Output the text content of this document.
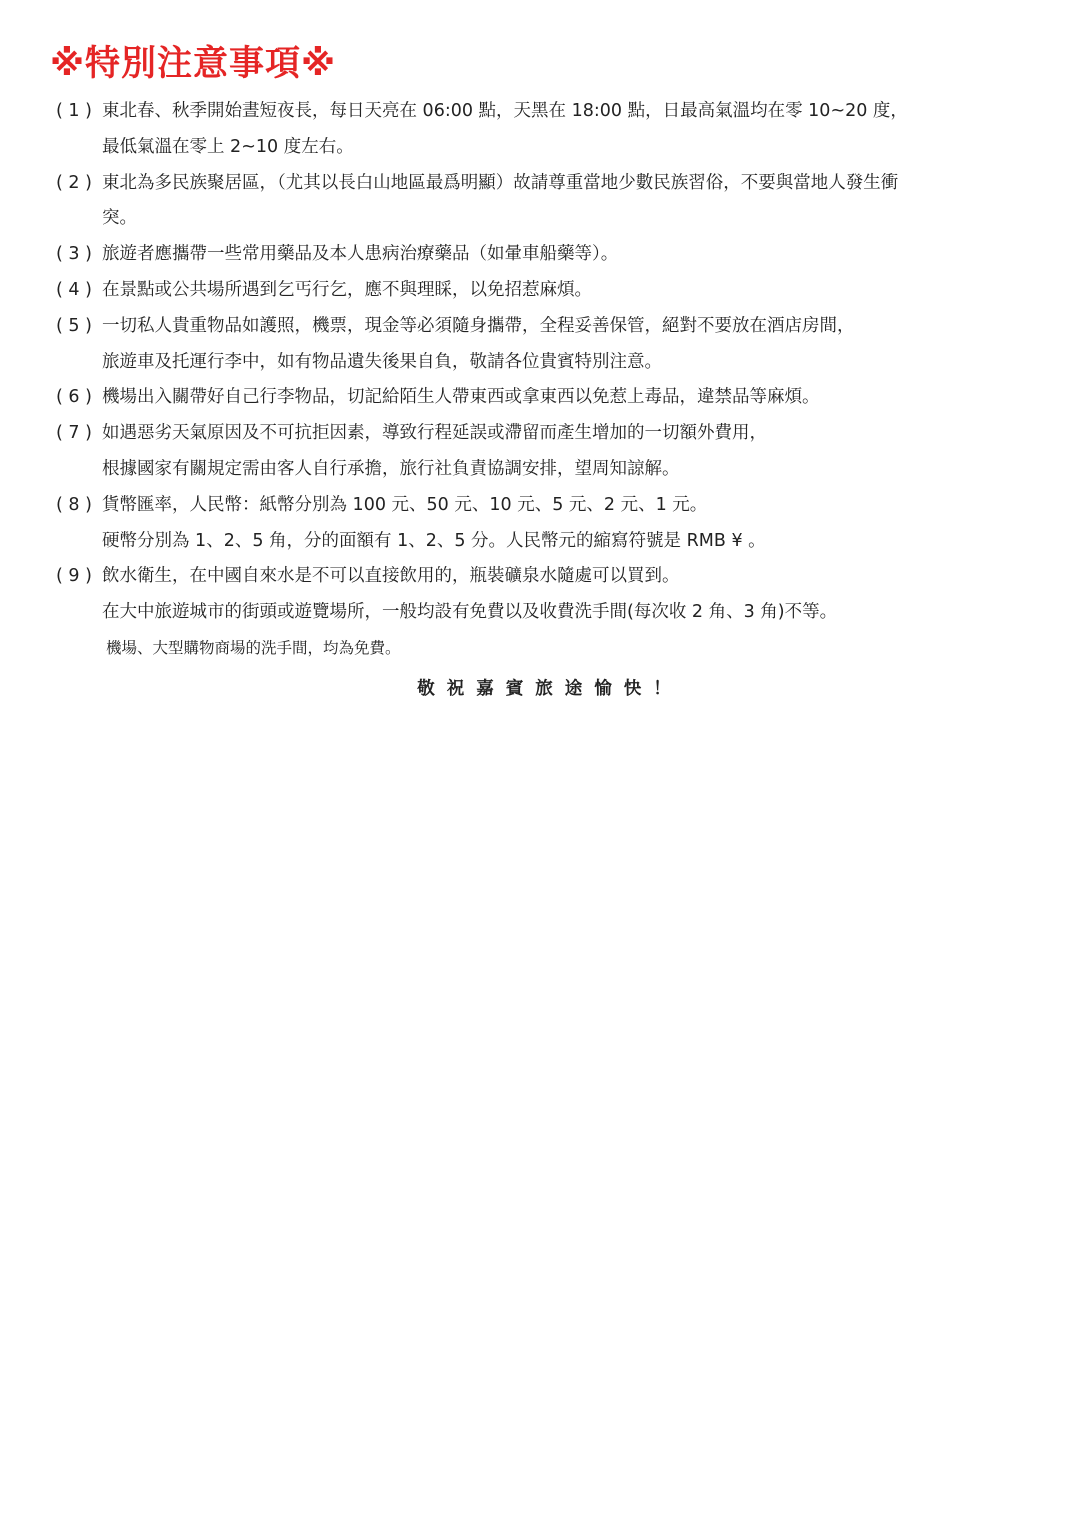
※特別注意事項※
( 1 ) 東北春、秋季開始晝短夜長，每日天亮在 06:00 點，天黑在 18:00 點，日最高氣溫均在零 10~20 度，
最低氣溫在零上 2~10 度左右。
( 2 ) 東北為多民族聚居區，（尤其以長白山地區最爲明顯）故請尊重當地少數民族習俗，不要與當地人發生衝
突。
( 3 ) 旅遊者應攜帶一些常用藥品及本人患病治療藥品（如暈車船藥等）。
( 4 ) 在景點或公共場所遇到乞丐行乞，應不與理睬，以免招惹麻煩。
( 5 ) 一切私人貴重物品如護照，機票，現金等必須隨身攜帶，全程妥善保管，絕對不要放在酒店房間，
旅遊車及托運行李中，如有物品遺失後果自負，敬請各位貴賓特別注意。
( 6 ) 機場出入關帶好自己行李物品，切記給陌生人帶東西或拿東西以免惹上毒品，違禁品等麻煩。
( 7 ) 如遇惡劣天氣原因及不可抗拒因素，導致行程延誤或滯留而產生增加的一切額外費用，
根據國家有關規定需由客人自行承擔，旅行社負責協調安排，望周知諒解。
( 8 ) 貨幣匯率，人民幣：紙幣分別為 100 元、50 元、10 元、5 元、2 元、1 元。
硬幣分別為 1、2、5 角，分的面額有 1、2、5 分。人民幣元的縮寫符號是 RMB ¥ 。
( 9 ) 飲水衛生，在中國自來水是不可以直接飲用的，瓶裝礦泉水隨處可以買到。
在大中旅遊城市的街頭或遊覽場所，一般均設有免費以及收費洗手間(每次收 2 角、3 角)不等。
機場、大型購物商場的洗手間，均為免費。
敬祝嘉賓旅途愉快！
